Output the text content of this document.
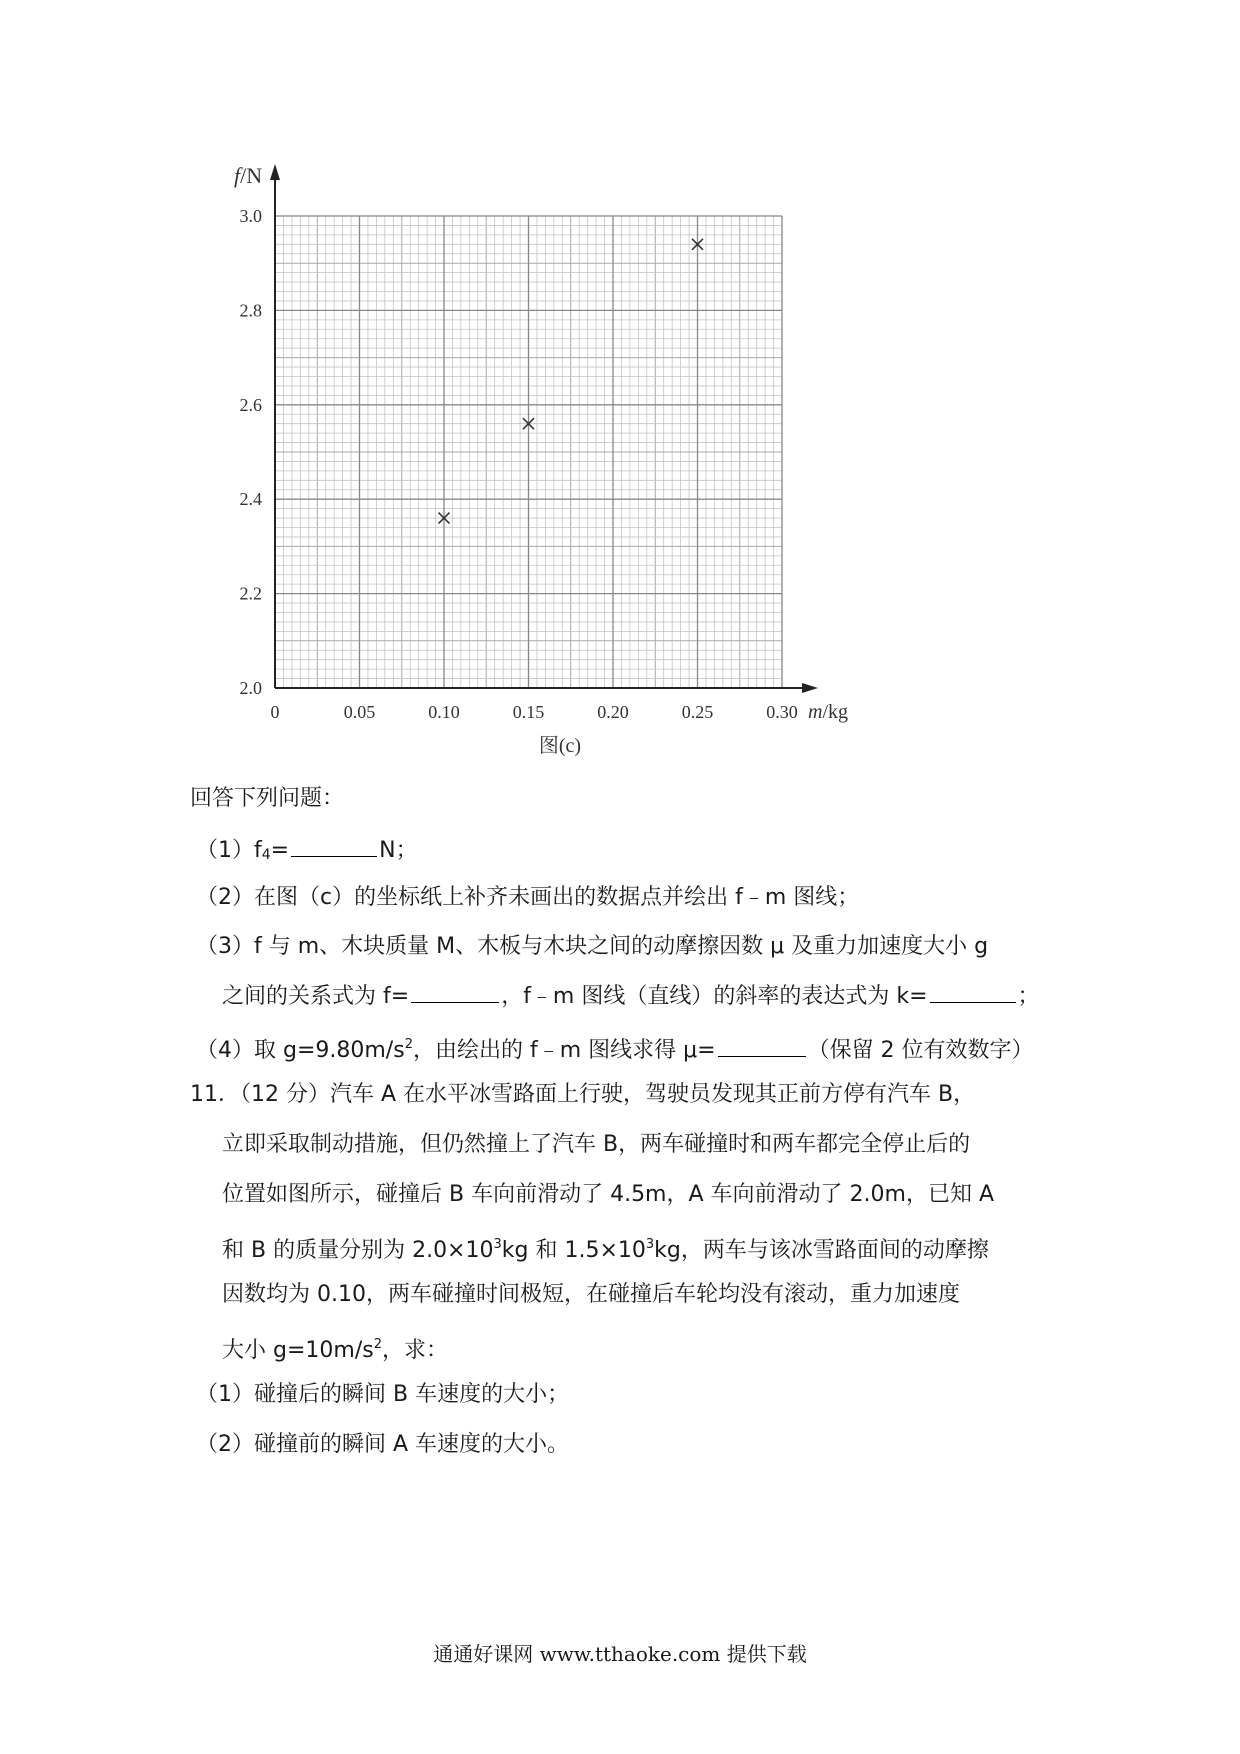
0	0.05	0.10	0.15	0.20	0.25	0.30
2.0
2.2
2.4
2.6
2.8
3.0
f/N
m/kg
图(c)
回答下列问题：
（1）f4=	N；
（2）在图（c）的坐标纸上补齐未画出的数据点并绘出 f﹣m 图线；
（3）f 与 m、木块质量 M、木板与木块之间的动摩擦因数 μ 及重力加速度大小 g
之间的关系式为 f=	，f﹣m 图线（直线）的斜率的表达式为 k=	；
（4）取 $g=9.80m/s^2$，由绘出的 f﹣m 图线求得 μ=	（保留 2 位有效数字）
11．（12 分）汽车 A 在水平冰雪路面上行驶，驾驶员发现其正前方停有汽车 B，
立即采取制动措施，但仍然撞上了汽车 B，两车碰撞时和两车都完全停止后的
位置如图所示，碰撞后 B 车向前滑动了 4.5m，A 车向前滑动了 2.0m，已知 A
和 B 的质量分别为 $2.0\times 10^3kg$ 和 $1.5\times 10^3kg$，两车与该冰雪路面间的动摩擦
因数均为 0.10，两车碰撞时间极短，在碰撞后车轮均没有滚动，重力加速度
大小 $g=10m/s^2$，求：
（1）碰撞后的瞬间 B 车速度的大小；
（2）碰撞前的瞬间 A 车速度的大小。
通通好课网 www.tthaoke.com 提供下载
